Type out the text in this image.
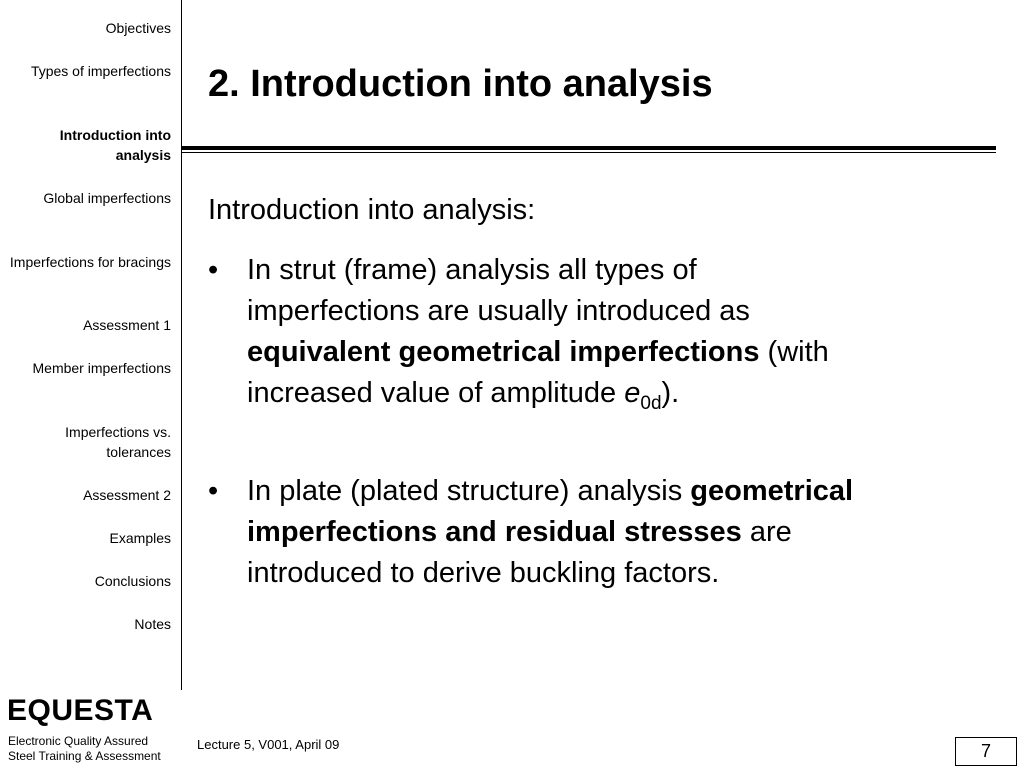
Objectives
Types of imperfections
Introduction into analysis
Global imperfections
Imperfections for bracings
Assessment 1
Member imperfections
Imperfections vs. tolerances
Assessment 2
Examples
Conclusions
Notes
EQUESTA
Electronic Quality Assured
Steel Training & Assessment
2. Introduction into analysis
Introduction into analysis:
• In strut (frame) analysis all types of
imperfections are usually introduced as
equivalent geometrical imperfections (with
increased value of amplitude $e_{0d}$).
• In plate (plated structure) analysis geometrical
imperfections and residual stresses are
introduced to derive buckling factors.
Lecture 5, V001, April 09	7
